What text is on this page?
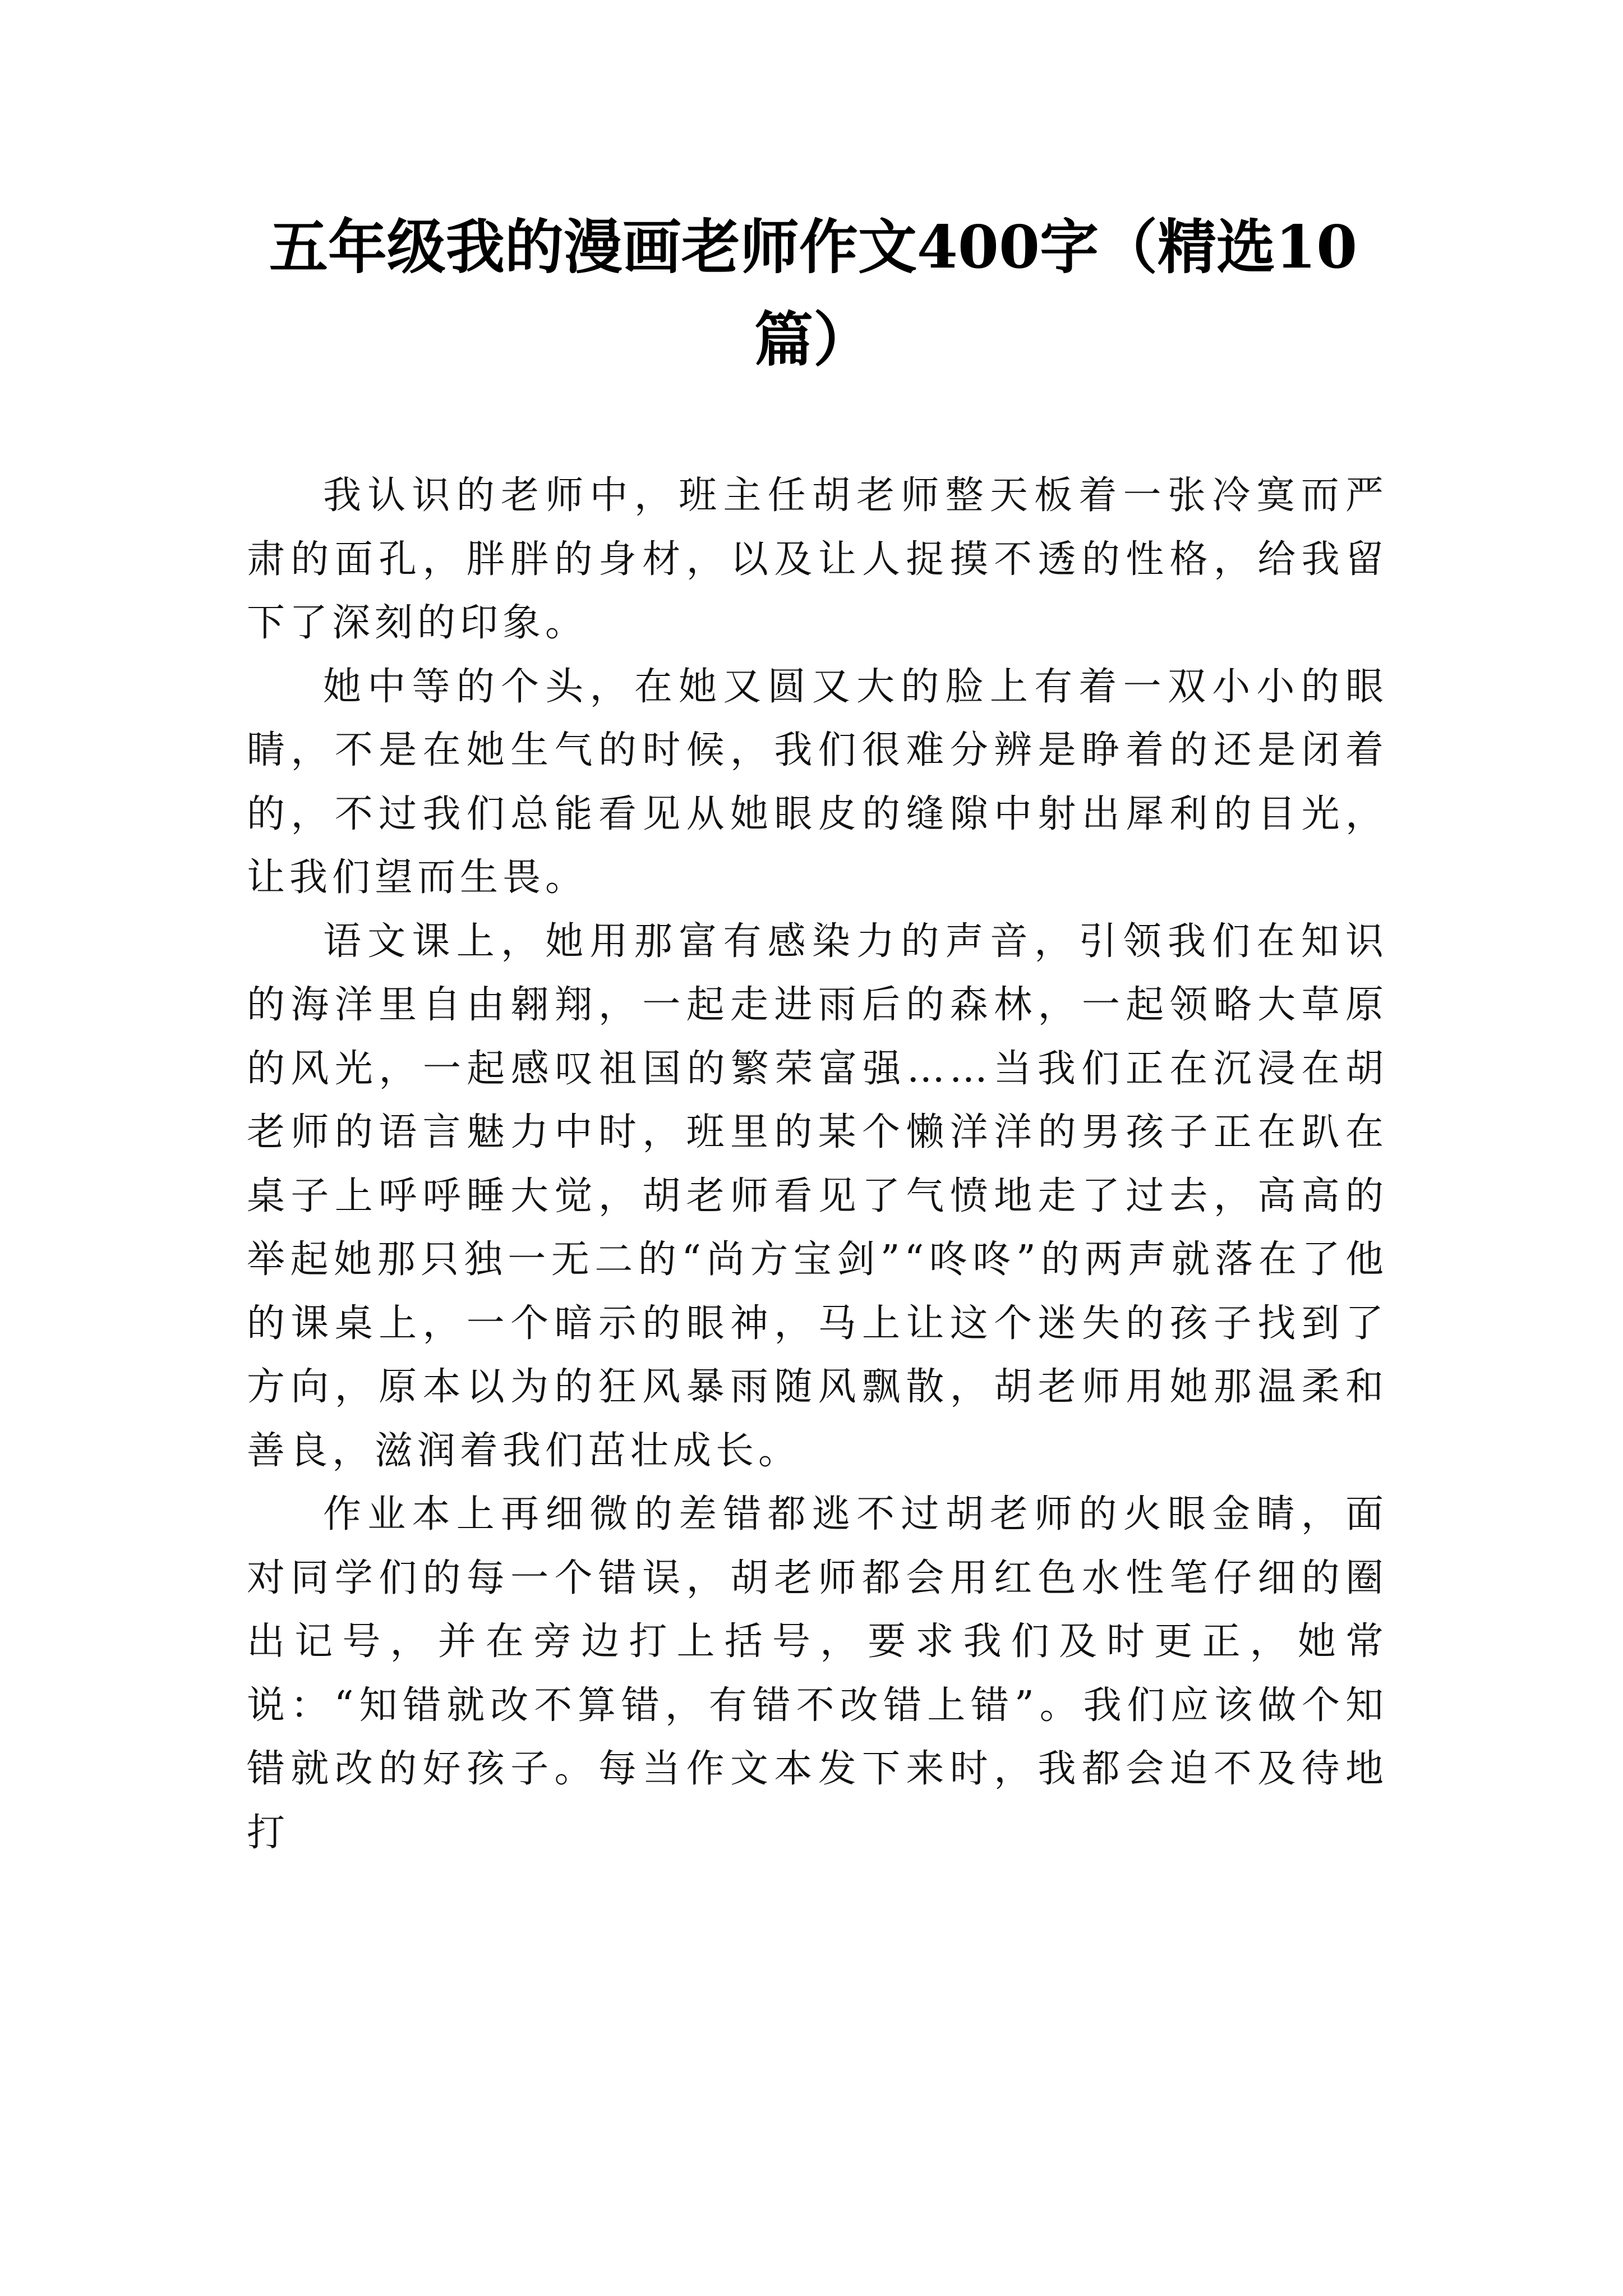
五年级我的漫画老师作文400字（精选10篇）

我认识的老师中，班主任胡老师整天板着一张冷寞而严肃的面孔，胖胖的身材，以及让人捉摸不透的性格，给我留下了深刻的印象。

她中等的个头，在她又圆又大的脸上有着一双小小的眼睛，不是在她生气的时候，我们很难分辨是睁着的还是闭着的，不过我们总能看见从她眼皮的缝隙中射出犀利的目光，让我们望而生畏。

语文课上，她用那富有感染力的声音，引领我们在知识的海洋里自由翱翔，一起走进雨后的森林，一起领略大草原的风光，一起感叹祖国的繁荣富强……当我们正在沉浸在胡老师的语言魅力中时，班里的某个懒洋洋的男孩子正在趴在桌子上呼呼睡大觉，胡老师看见了气愤地走了过去，高高的举起她那只独一无二的“尚方宝剑”“咚咚”的两声就落在了他的课桌上，一个暗示的眼神，马上让这个迷失的孩子找到了方向，原本以为的狂风暴雨随风飘散，胡老师用她那温柔和善良，滋润着我们茁壮成长。

作业本上再细微的差错都逃不过胡老师的火眼金睛，面对同学们的每一个错误，胡老师都会用红色水性笔仔细的圈出记号，并在旁边打上括号，要求我们及时更正，她常说：“知错就改不算错，有错不改错上错”。我们应该做个知错就改的好孩子。每当作文本发下来时，我都会迫不及待地打
